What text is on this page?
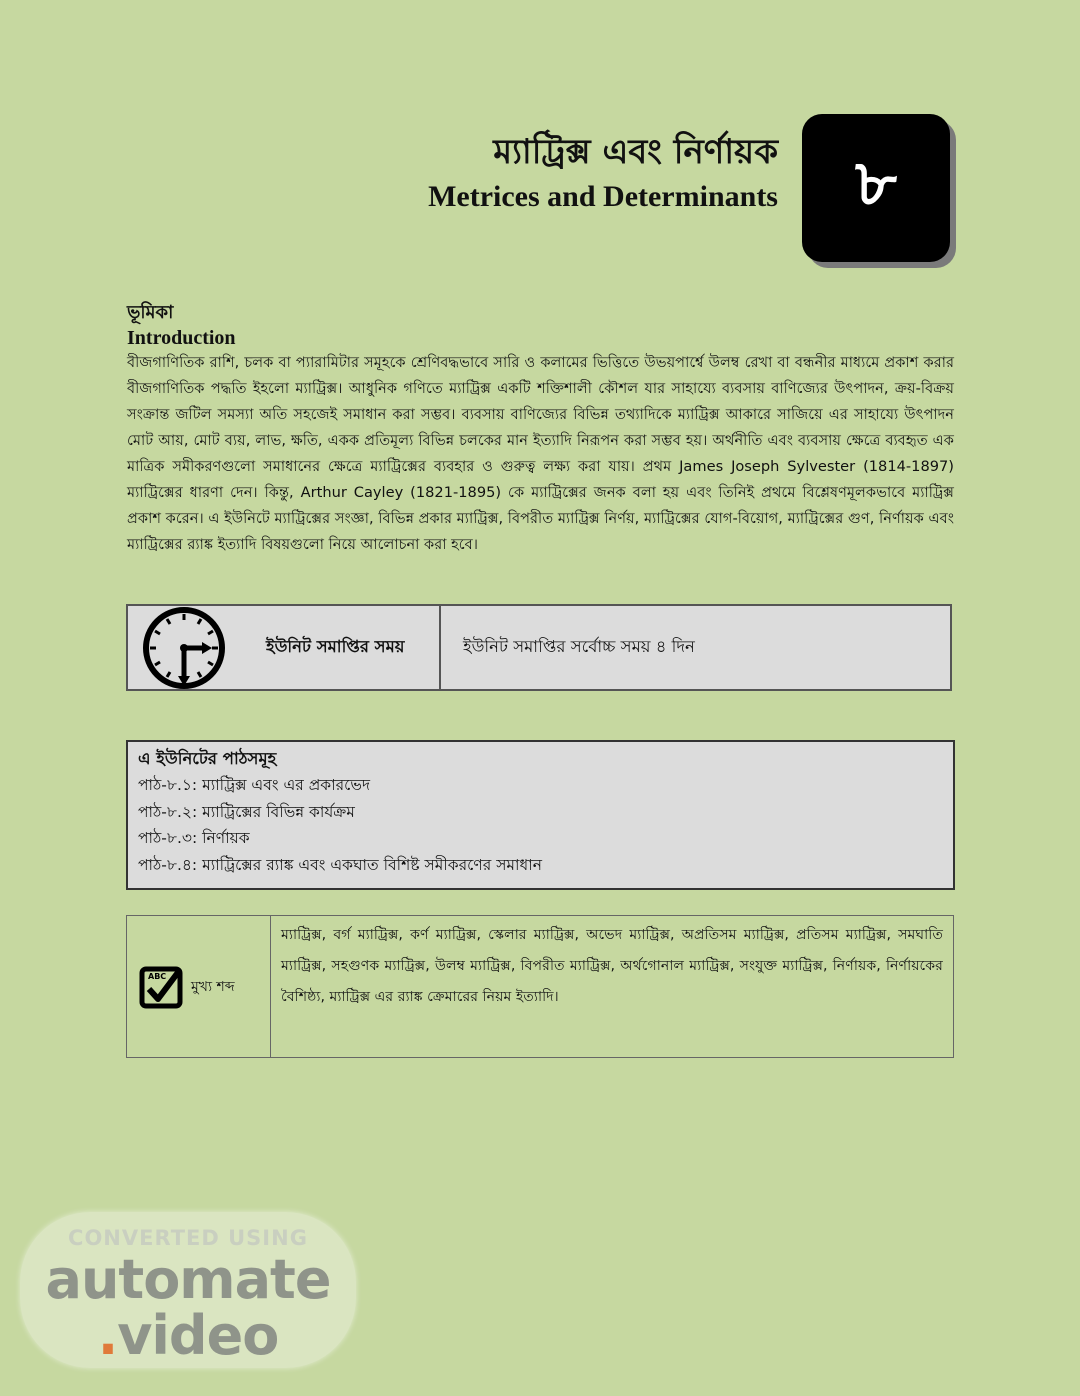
ম্যাট্রিক্স এবং নির্ণায়ক
Metrices and Determinants	৮
ভূমিকা
Introduction

বীজগাণিতিক রাশি, চলক বা প্যারামিটার সমূহকে শ্রেণিবদ্ধভাবে সারি ও কলামের ভিত্তিতে উভয়পার্শ্বে উলম্ব রেখা বা বন্ধনীর মাধ্যমে প্রকাশ করার বীজগাণিতিক পদ্ধতি ইহলো ম্যাট্রিক্স। আধুনিক গণিতে ম্যাট্রিক্স একটি শক্তিশালী কৌশল যার সাহায্যে ব্যবসায় বাণিজ্যের উৎপাদন, ক্রয়-বিক্রয় সংক্রান্ত জটিল সমস্যা অতি সহজেই সমাধান করা সম্ভব। ব্যবসায় বাণিজ্যের বিভিন্ন তথ্যাদিকে ম্যাট্রিক্স আকারে সাজিয়ে এর সাহায্যে উৎপাদন মোট আয়, মোট ব্যয়, লাভ, ক্ষতি, একক প্রতিমূল্য বিভিন্ন চলকের মান ইত্যাদি নিরূপন করা সম্ভব হয়। অর্থনীতি এবং ব্যবসায় ক্ষেত্রে ব্যবহৃত এক মাত্রিক সমীকরণগুলো সমাধানের ক্ষেত্রে ম্যাট্রিক্সের ব্যবহার ও গুরুত্ব লক্ষ্য করা যায়। প্রথম James Joseph Sylvester (1814-1897) ম্যাট্রিক্সের ধারণা দেন। কিন্তু, Arthur Cayley (1821-1895) কে ম্যাট্রিক্সের জনক বলা হয় এবং তিনিই প্রথমে বিশ্লেষণমূলকভাবে ম্যাট্রিক্স প্রকাশ করেন। এ ইউনিটে ম্যাট্রিক্সের সংজ্ঞা, বিভিন্ন প্রকার ম্যাট্রিক্স, বিপরীত ম্যাট্রিক্স নির্ণয়, ম্যাট্রিক্সের যোগ-বিয়োগ, ম্যাট্রিক্সের গুণ, নির্ণায়ক এবং ম্যাট্রিক্সের র‍্যাঙ্ক ইত্যাদি বিষয়গুলো নিয়ে আলোচনা করা হবে।

ইউনিট সমাপ্তির সময়	ইউনিট সমাপ্তির সর্বোচ্চ সময় ৪ দিন
এ ইউনিটের পাঠসমূহ
পাঠ-৮.১: ম্যাট্রিক্স এবং এর প্রকারভেদ
পাঠ-৮.২: ম্যাট্রিক্সের বিভিন্ন কার্যক্রম
পাঠ-৮.৩: নির্ণায়ক
পাঠ-৮.৪: ম্যাট্রিক্সের র‍্যাঙ্ক এবং একঘাত বিশিষ্ট সমীকরণের সমাধান
ABC
মুখ্য শব্দ

ম্যাট্রিক্স, বর্গ ম্যাট্রিক্স, কর্ণ ম্যাট্রিক্স, স্কেলার ম্যাট্রিক্স, অভেদ ম্যাট্রিক্স, অপ্রতিসম ম্যাট্রিক্স, প্রতিসম ম্যাট্রিক্স, সমঘাতি ম্যাট্রিক্স, সহগুণক ম্যাট্রিক্স, উলম্ব ম্যাট্রিক্স, বিপরীত ম্যাট্রিক্স, অর্থগোনাল ম্যাট্রিক্স, সংযুক্ত ম্যাট্রিক্স, নির্ণায়ক, নির্ণায়কের বৈশিষ্ঠ্য, ম্যাট্রিক্স এর র‍্যাঙ্ক ক্রেমারের নিয়ম ইত্যাদি।

CONVERTED USING
automate
.video
